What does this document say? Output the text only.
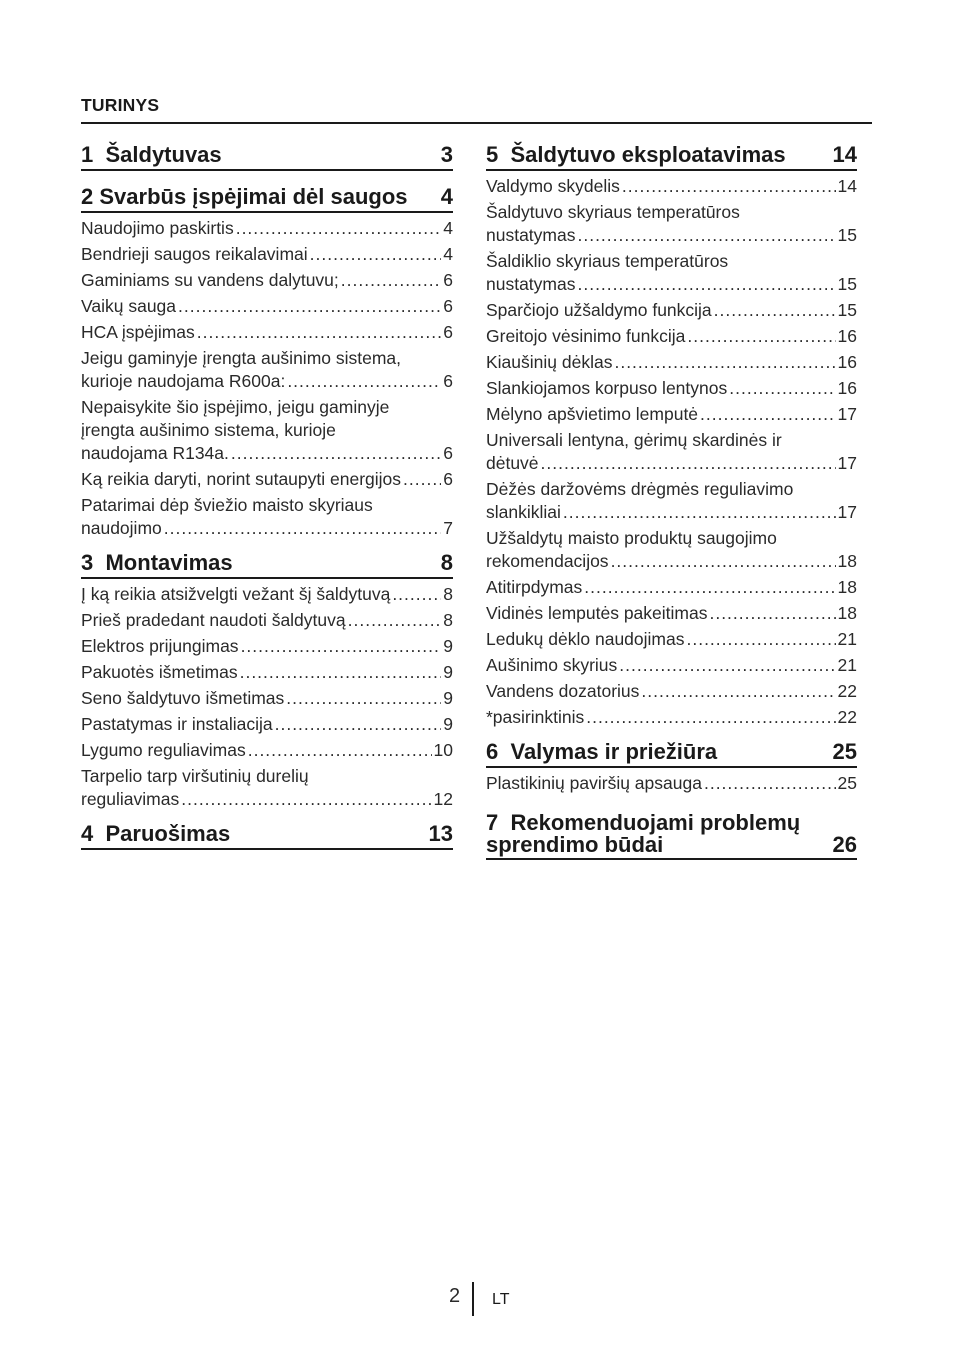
TURINYS
1 Šaldytuvas	3
2 Svarbūs įspėjimai dėl saugos 4
Naudojimo paskirtis .....	4
Bendrieji saugos reikalavimai .....	4
Gaminiams su vandens dalytuvu; .....	6
Vaikų sauga .....	6
HCA įspėjimas .....	6
Jeigu gaminyje įrengta aušinimo sistema,
kurioje naudojama R600a: .....	6
Nepaisykite šio įspėjimo, jeigu gaminyje
įrengta aušinimo sistema, kurioje
naudojama R134a. .....	6
Ką reikia daryti, norint sutaupyti energijos ..... 6
Patarimai dėp šviežio maisto skyriaus
naudojimo .....	7
3 Montavimas	8
Į ką reikia atsižvelgti vežant šį šaldytuvą .....	8
Prieš pradedant naudoti šaldytuvą .....	8
Elektros prijungimas .....	9
Pakuotės išmetimas .....	9
Seno šaldytuvo išmetimas .....	9
Pastatymas ir instaliacija .....	9
Lygumo reguliavimas .....	10
Tarpelio tarp viršutinių durelių
reguliavimas .....	12
4 Paruošimas	13
5 Šaldytuvo eksploatavimas 14
Valdymo skydelis .....	14
Šaldytuvo skyriaus temperatūros
nustatymas .....	15
Šaldiklio skyriaus temperatūros
nustatymas .....	15
Sparčiojo užšaldymo funkcija .....	15
Greitojo vėsinimo funkcija .....	16
Kiaušinių dėklas .....	16
Slankiojamos korpuso lentynos .....	16
Mėlyno apšvietimo lemputė .....	17
Universali lentyna, gėrimų skardinės ir
dėtuvė .....	17
Dėžės daržovėms drėgmės reguliavimo
slankikliai .....	17
Užšaldytų maisto produktų saugojimo
rekomendacijos .....	18
Atitirpdymas .....	18
Vidinės lemputės pakeitimas .....	18
Ledukų dėklo naudojimas .....	21
Aušinimo skyrius .....	21
Vandens dozatorius .....	22
*pasirinktinis .....	22
6 Valymas ir priežiūra	25
Plastikinių paviršių apsauga .....	25
7 Rekomenduojami problemų
sprendimo būdai	26
2 LT
